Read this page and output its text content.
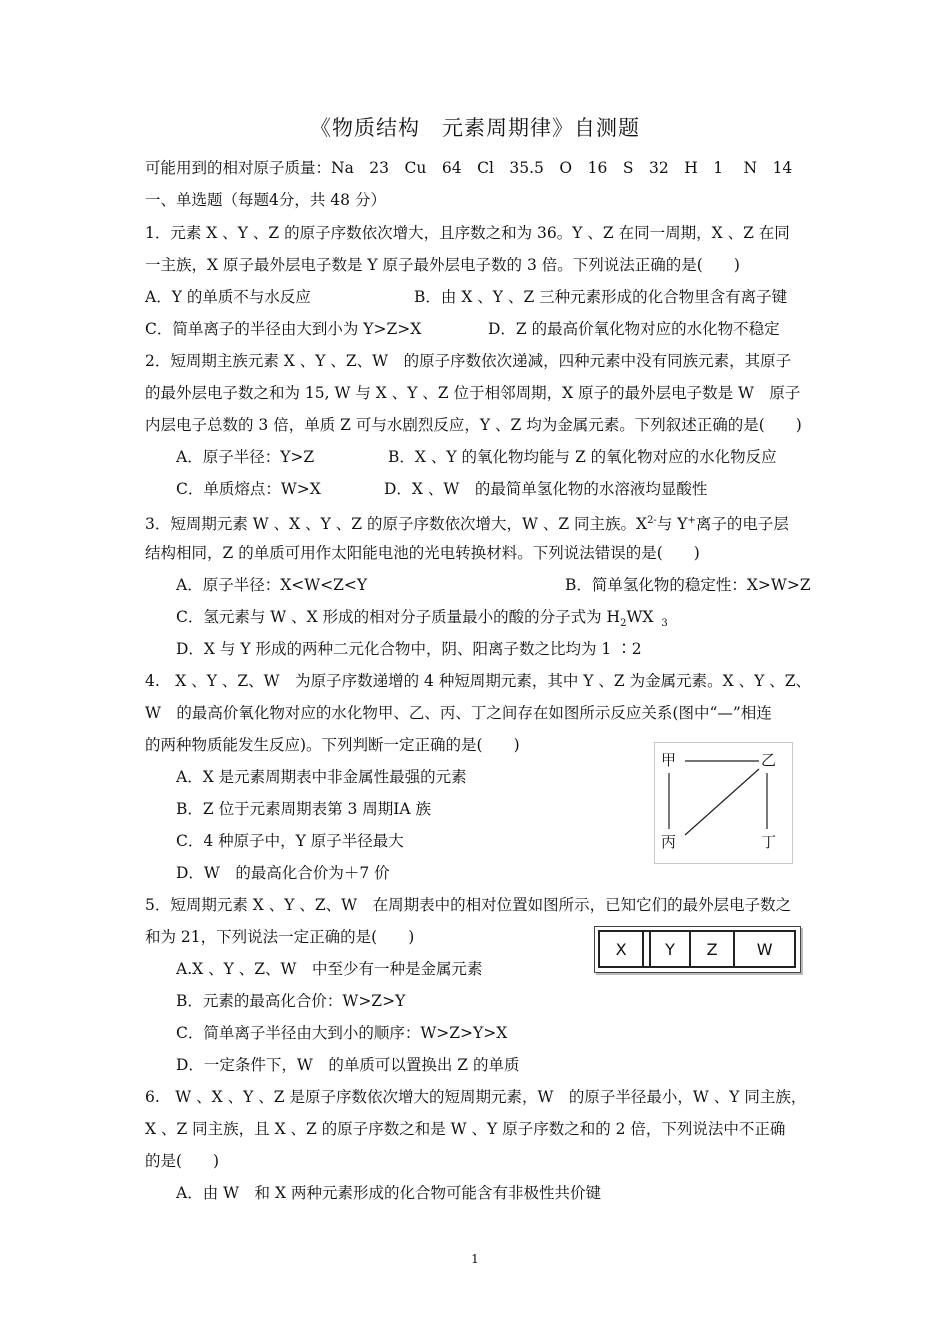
《物质结构　元素周期律》自测题
可能用到的相对原子质量：Na　23　Cu　64　Cl　35.5　O　16　S　32　H　1　 N　14
一、单选题（每题4分，共 48 分）
1．元素 X 、Y 、Z 的原子序数依次增大，且序数之和为 36。Y 、Z 在同一周期，X 、Z 在同
一主族，X 原子最外层电子数是 Y 原子最外层电子数的 3 倍。下列说法正确的是(　　)
A．Y 的单质不与水反应	B．由 X 、Y 、Z 三种元素形成的化合物里含有离子键
C．简单离子的半径由大到小为 Y>Z>X	D．Z 的最高价氧化物对应的水化物不稳定
2．短周期主族元素 X 、Y 、Z、W　的原子序数依次递减，四种元素中没有同族元素，其原子
的最外层电子数之和为 15, W 与 X 、Y 、Z 位于相邻周期，X 原子的最外层电子数是 W　原子
内层电子总数的 3 倍，单质 Z 可与水剧烈反应，Y 、Z 均为金属元素。下列叙述正确的是(　　)
A．原子半径：Y>Z	B．X 、Y 的氧化物均能与 Z 的氧化物对应的水化物反应
C．单质熔点：W>X	D．X 、W　的最简单氢化物的水溶液均显酸性
3．短周期元素 W 、X 、Y 、Z 的原子序数依次增大，W 、Z 同主族。$X^{2-}$与 Y+离子的电子层
结构相同，Z 的单质可用作太阳能电池的光电转换材料。下列说法错误的是(　　)
A．原子半径：X<W<Z<Y	B．简单氢化物的稳定性：X>W>Z
C．氢元素与 W 、X 形成的相对分子质量最小的酸的分子式为 $H_2WX$ $_3$
D．X 与 Y 形成的两种二元化合物中，阴、阳离子数之比均为 1 ∶2
4.　X 、Y 、Z、W　为原子序数递增的 4 种短周期元素，其中 Y 、Z 为金属元素。X 、Y 、Z、
W　的最高价氧化物对应的水化物甲、乙、丙、丁之间存在如图所示反应关系(图中“—”相连
的两种物质能发生反应)。下列判断一定正确的是(　　)
A．X 是元素周期表中非金属性最强的元素
B．Z 位于元素周期表第 3 周期ⅠA 族
C．4 种原子中，Y 原子半径最大
D．W　的最高化合价为＋7 价
甲	乙
丙	丁
5．短周期元素 X 、Y 、Z、W　在周期表中的相对位置如图所示，已知它们的最外层电子数之
和为 21，下列说法一定正确的是(　　)
A.X 、Y 、Z、W　中至少有一种是金属元素
B．元素的最高化合价：W>Z>Y
C．简单离子半径由大到小的顺序：W>Z>Y>X
D．一定条件下，W　的单质可以置换出 Z 的单质
X		Y	Z	W
6.　W 、X 、Y 、Z 是原子序数依次增大的短周期元素，W　的原子半径最小，W 、Y 同主族，
X 、Z 同主族，且 X 、Z 的原子序数之和是 W 、Y 原子序数之和的 2 倍，下列说法中不正确
的是(　　)
A．由 W　和 X 两种元素形成的化合物可能含有非极性共价键
1
